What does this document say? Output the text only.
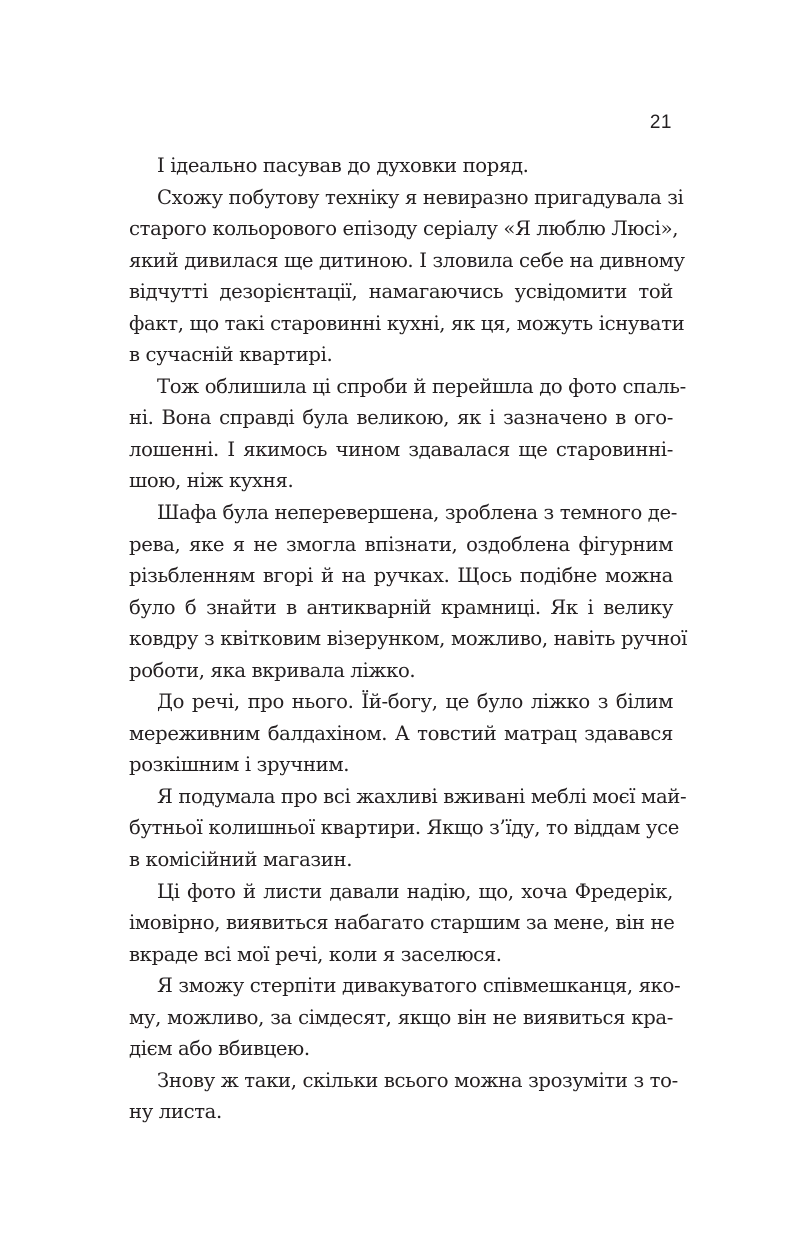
21
І ідеально пасував до духовки поряд.
Схожу побутову техніку я невиразно пригадувала зі
старого кольорового епізоду серіалу «Я люблю Люсі»,
який дивилася ще дитиною. І зловила себе на дивному
відчутті дезорієнтації, намагаючись усвідомити той
факт, що такі старовинні кухні, як ця, можуть існувати
в сучасній квартирі.
Тож облишила ці спроби й перейшла до фото спаль-
ні. Вона справді була великою, як і зазначено в ого-
лошенні. І якимось чином здавалася ще старовинні-
шою, ніж кухня.
Шафа була неперевершена, зроблена з темного де-
рева, яке я не змогла впізнати, оздоблена фігурним
різьбленням вгорі й на ручках. Щось подібне можна
було б знайти в антикварній крамниці. Як і велику
ковдру з квітковим візерунком, можливо, навіть ручної
роботи, яка вкривала ліжко.
До речі, про нього. Їй-богу, це було ліжко з білим
мереживним балдахіном. А товстий матрац здавався
розкішним і зручним.
Я подумала про всі жахливі вживані меблі моєї май-
бутньої колишньої квартири. Якщо з’їду, то віддам усе
в комісійний магазин.
Ці фото й листи давали надію, що, хоча Фредерік,
імовірно, виявиться набагато старшим за мене, він не
вкраде всі мої речі, коли я заселюся.
Я зможу стерпіти дивакуватого співмешканця, яко-
му, можливо, за сімдесят, якщо він не виявиться кра-
дієм або вбивцею.
Знову ж таки, скільки всього можна зрозуміти з то-
ну листа.
